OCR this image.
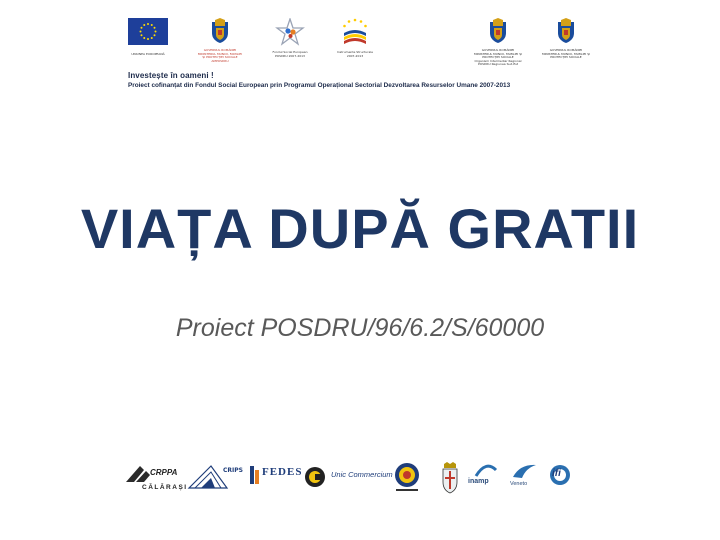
UNIUNEA EUROPEANĂ
GUVERNUL ROMÂNIEI
MINISTERUL MUNCII, FAMILIEI
ȘI PROTECȚIEI SOCIALE
AMPOSDRU
Fondul Social European
POSDRU 2007-2013
Instrumente Structurale
2007-2013
GUVERNUL ROMÂNIEI
MINISTERUL MUNCII, FAMILIEI ȘI
PROTECȚIEI SOCIALE
Organism Intermediar Regional
POSDRU Regiunea Sud-Est
GUVERNUL ROMÂNIEI
MINISTERUL MUNCII, FAMILIEI ȘI
PROTECȚIEI SOCIALE
Investește în oameni !
Proiect cofinanțat din Fondul Social European prin Programul Operațional Sectorial Dezvoltarea Resurselor Umane 2007-2013
VIAȚA DUPĂ GRATII
Proiect POSDRU/96/6.2/S/60000
CRPPA
CĂLĂRAȘI
CRIPS FEDES	Unic Commercium
inamp	Veneto
ifi
